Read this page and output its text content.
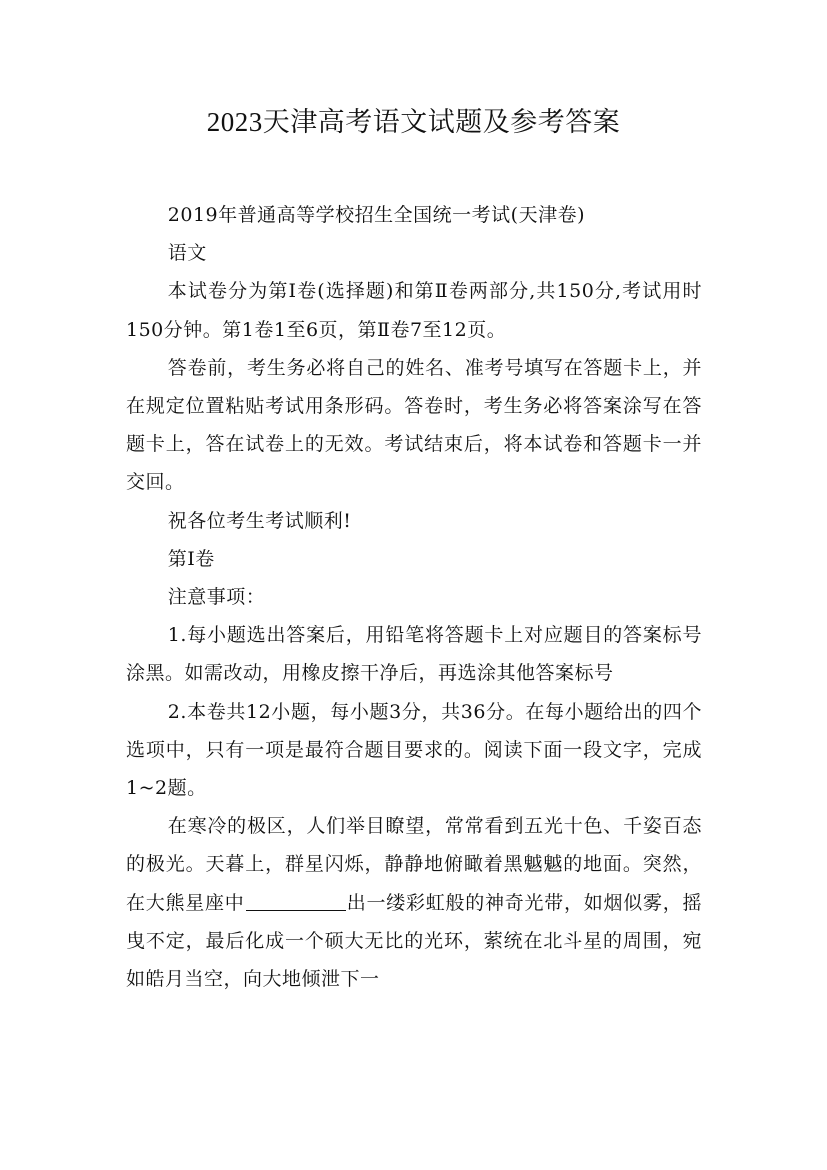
2023天津高考语文试题及参考答案

2019年普通高等学校招生全国统一考试(天津卷)

语文

本试卷分为第Ⅰ卷(选择题)和第Ⅱ卷两部分,共150分,考试用时150分钟。第1卷1至6页，第Ⅱ卷7至12页。

答卷前，考生务必将自己的姓名、准考号填写在答题卡上，并在规定位置粘贴考试用条形码。答卷时，考生务必将答案涂写在答题卡上，答在试卷上的无效。考试结束后，将本试卷和答题卡一并交回。

祝各位考生考试顺利!

第Ⅰ卷

注意事项：

1.每小题选出答案后，用铅笔将答题卡上对应题目的答案标号涂黑。如需改动，用橡皮擦干净后，再选涂其他答案标号

2.本卷共12小题，每小题3分，共36分。在每小题给出的四个选项中，只有一项是最符合题目要求的。阅读下面一段文字，完成1~2题。

在寒冷的极区，人们举目瞭望，常常看到五光十色、千姿百态的极光。天暮上，群星闪烁，静静地俯瞰着黑魆魆的地面。突然，在大熊星座中	出一缕彩虹般的神奇光带，如烟似雾，摇曳不定，最后化成一个硕大无比的光环，萦统在北斗星的周围，宛如皓月当空，向大地倾泄下一
